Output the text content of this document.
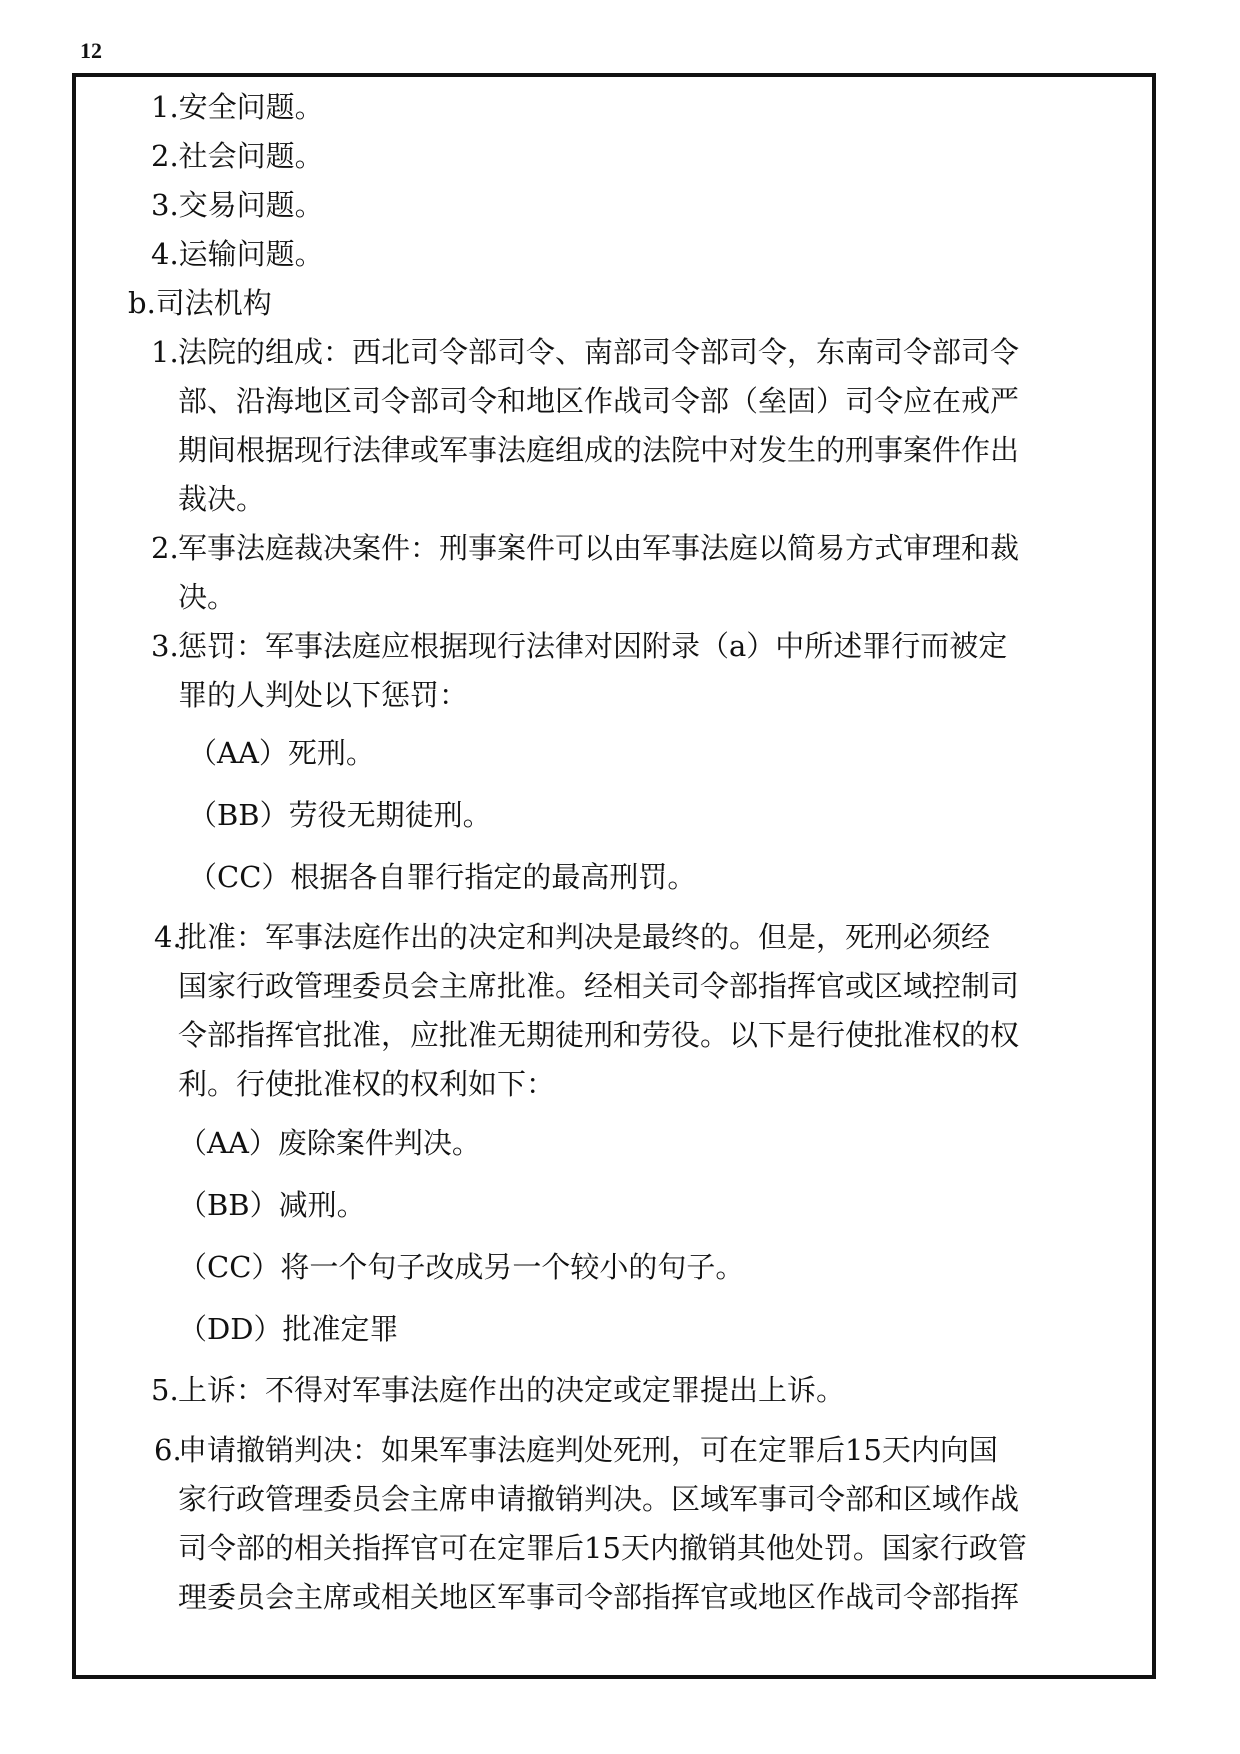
12
1.安全问题。
2.社会问题。
3.交易问题。
4.运输问题。
b.司法机构
1. 法院的组成：西北司令部司令、南部司令部司令，东南司令部司令
部、沿海地区司令部司令和地区作战司令部（垒固）司令应在戒严
期间根据现行法律或军事法庭组成的法院中对发生的刑事案件作出
裁决。
2. 军事法庭裁决案件：刑事案件可以由军事法庭以简易方式审理和裁
决。
3. 惩罚：军事法庭应根据现行法律对因附录（a）中所述罪行而被定
罪的人判处以下惩罚：
（AA）死刑。
（BB）劳役无期徒刑。
（CC）根据各自罪行指定的最高刑罚。
4.
批准：军事法庭作出的决定和判决是最终的。但是，死刑必须经
国家行政管理委员会主席批准。经相关司令部指挥官或区域控制司
令部指挥官批准，应批准无期徒刑和劳役。以下是行使批准权的权
利。行使批准权的权利如下：
（AA）废除案件判决。
（BB）减刑。
（CC）将一个句子改成另一个较小的句子。
（DD）批准定罪
5. 上诉：不得对军事法庭作出的决定或定罪提出上诉。
6.
申请撤销判决：如果军事法庭判处死刑，可在定罪后15天内向国
家行政管理委员会主席申请撤销判决。区域军事司令部和区域作战
司令部的相关指挥官可在定罪后15天内撤销其他处罚。国家行政管
理委员会主席或相关地区军事司令部指挥官或地区作战司令部指挥
